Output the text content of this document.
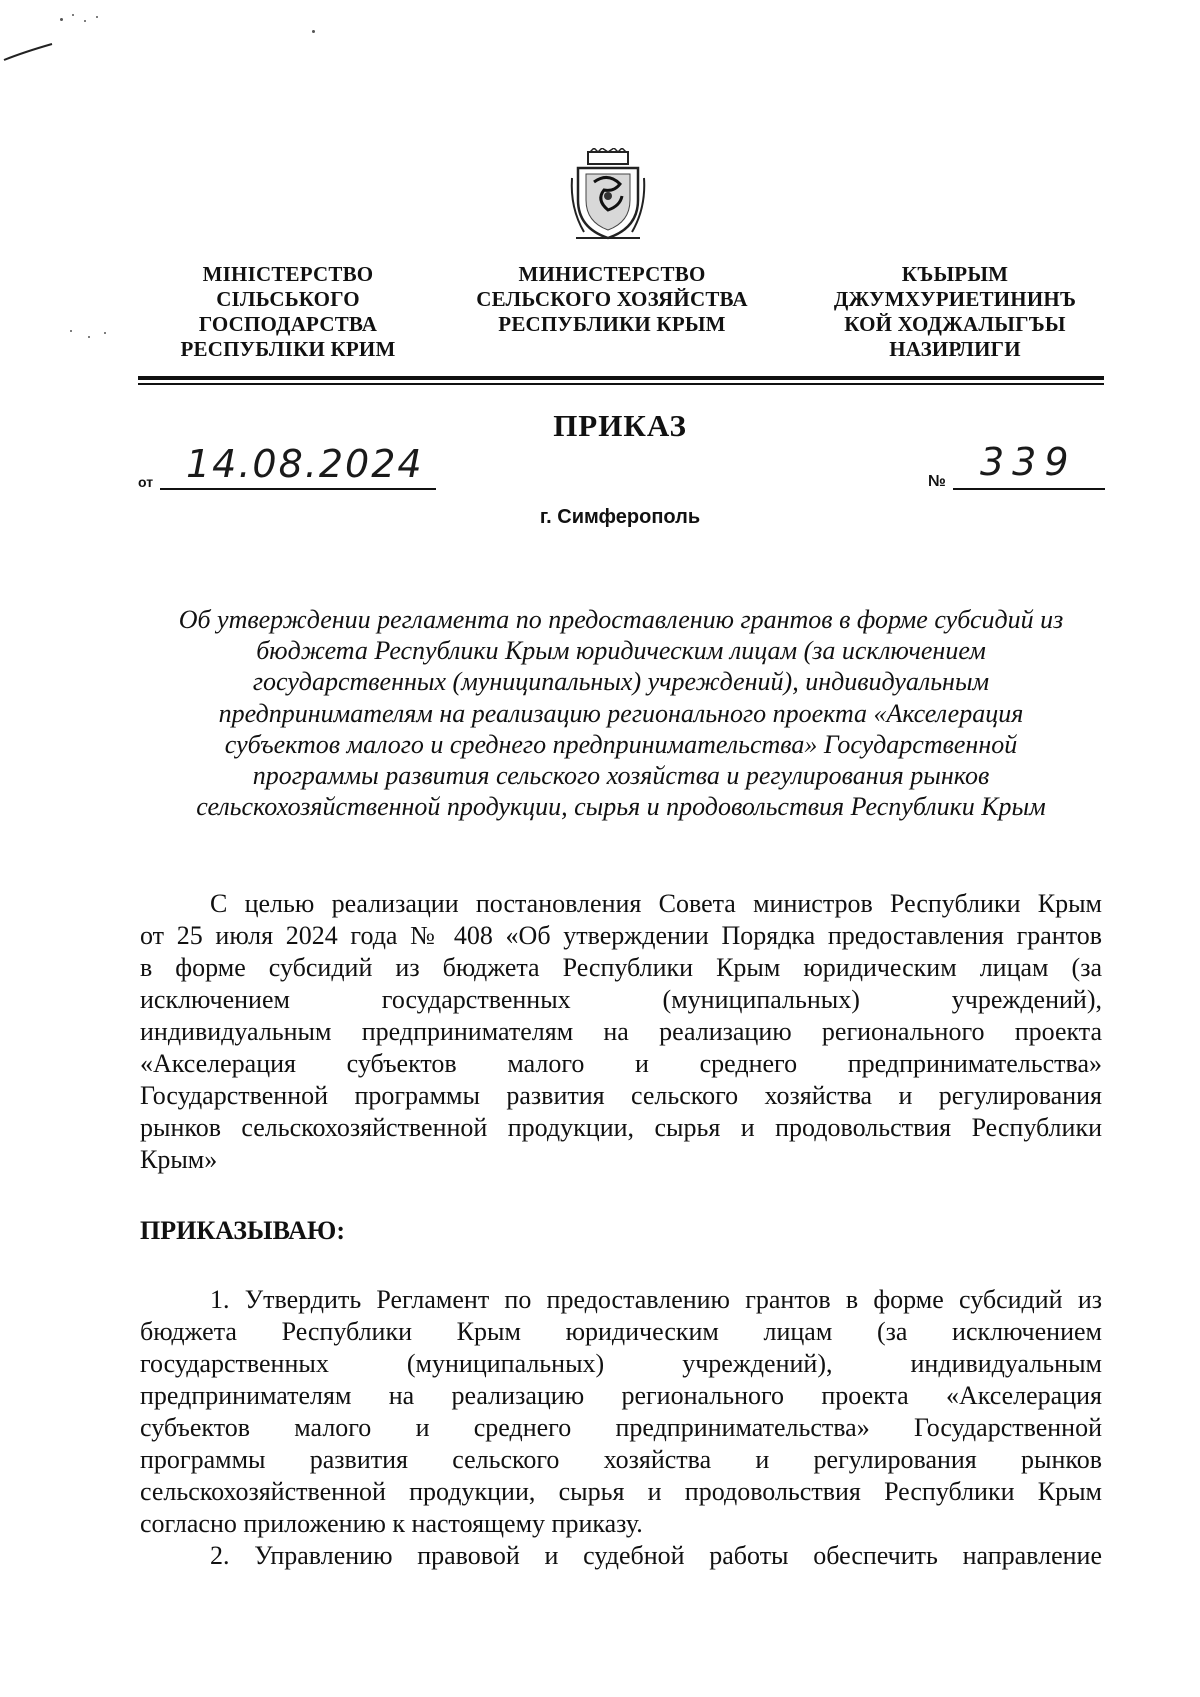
МІНІСТЕРСТВО
СІЛЬСЬКОГО
ГОСПОДАРСТВА
РЕСПУБЛІКИ КРИМ
МИНИСТЕРСТВО
СЕЛЬСКОГО ХОЗЯЙСТВА
РЕСПУБЛИКИ КРЫМ
КЪЫРЫМ
ДЖУМХУРИЕТИНИНЪ
КОЙ ХОДЖАЛЫГЪЫ
НАЗИРЛИГИ
ПРИКАЗ
от 14.08.2024	№ 339
г. Симферополь
Об утверждении регламента по предоставлению грантов в форме субсидий из
бюджета Республики Крым юридическим лицам (за исключением
государственных (муниципальных) учреждений), индивидуальным
предпринимателям на реализацию регионального проекта «Акселерация
субъектов малого и среднего предпринимательства» Государственной
программы развития сельского хозяйства и регулирования рынков
сельскохозяйственной продукции, сырья и продовольствия Республики Крым
С целью реализации постановления Совета министров Республики Крым
от 25 июля 2024 года № 408 «Об утверждении Порядка предоставления грантов
в форме субсидий из бюджета Республики Крым юридическим лицам (за
исключением государственных (муниципальных) учреждений),
индивидуальным предпринимателям на реализацию регионального проекта
«Акселерация субъектов малого и среднего предпринимательства»
Государственной программы развития сельского хозяйства и регулирования
рынков сельскохозяйственной продукции, сырья и продовольствия Республики
Крым»
ПРИКАЗЫВАЮ:
1. Утвердить Регламент по предоставлению грантов в форме субсидий из
бюджета Республики Крым юридическим лицам (за исключением
государственных (муниципальных) учреждений), индивидуальным
предпринимателям на реализацию регионального проекта «Акселерация
субъектов малого и среднего предпринимательства» Государственной
программы развития сельского хозяйства и регулирования рынков
сельскохозяйственной продукции, сырья и продовольствия Республики Крым
согласно приложению к настоящему приказу.
2. Управлению правовой и судебной работы обеспечить направление
